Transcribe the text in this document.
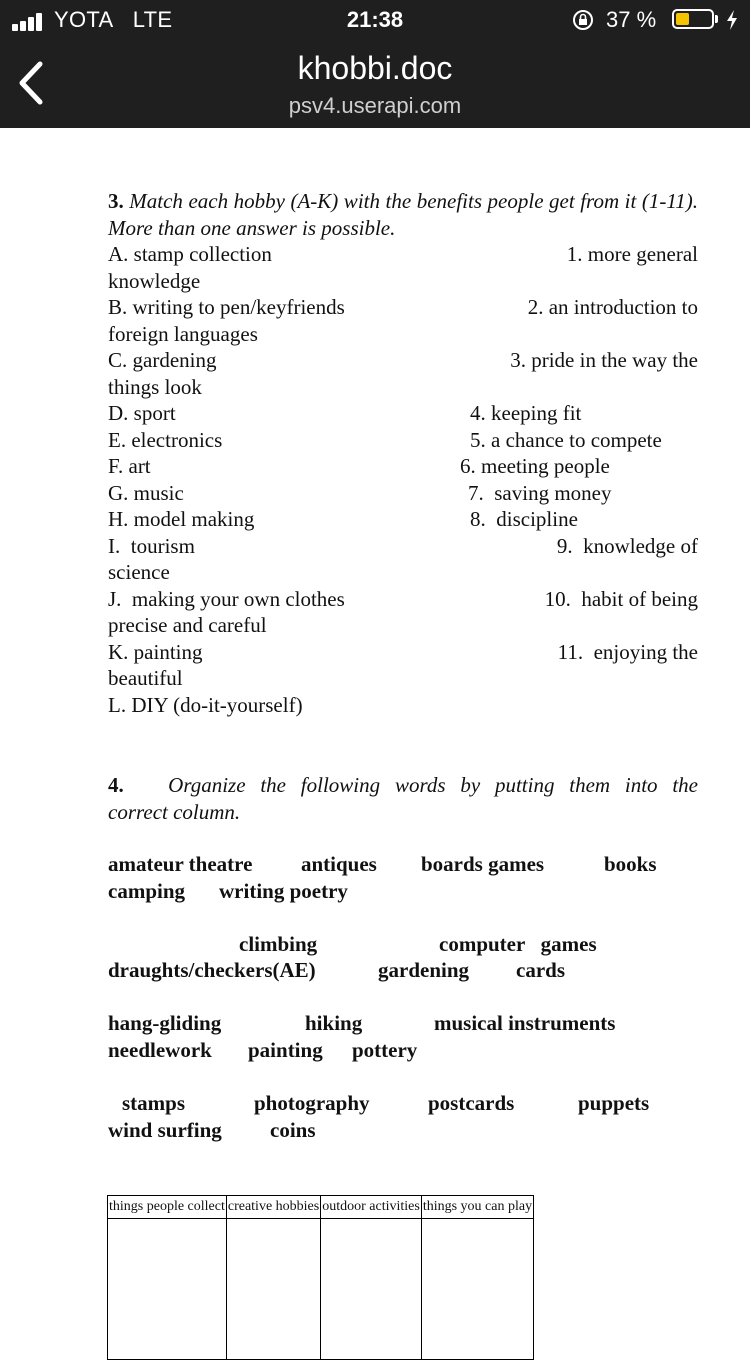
YOTA LTE	21:38	37 %
khobbi.doc
psv4.userapi.com
3. Match each hobby (A-K) with the benefits people get from it (1-11). More than one answer is possible.
A. stamp collection	1. more general
knowledge
B. writing to pen/keyfriends	2. an introduction to
foreign languages
C. gardening	3. pride in the way the
things look
D. sport	4. keeping fit
E. electronics	5. a chance to compete
F. art	6. meeting people
G. music	7.  saving money
H. model making	8.  discipline
I.  tourism	9.  knowledge of
science
J.  making your own clothes	10.  habit of being
precise and careful
K. painting	11.  enjoying the
beautiful
L. DIY (do-it-yourself)
4. Organize the following words by putting them into the
correct column.
amateur theatre antiques boards games	books
camping writing poetry
climbing	computer   games
draughts/checkers(AE)	gardening cards
hang-gliding	hiking	musical instruments
needlework painting pottery
stamps	photography	postcards	puppets
wind surfing coins
things people collect	creative hobbies	outdoor activities	things you can play
